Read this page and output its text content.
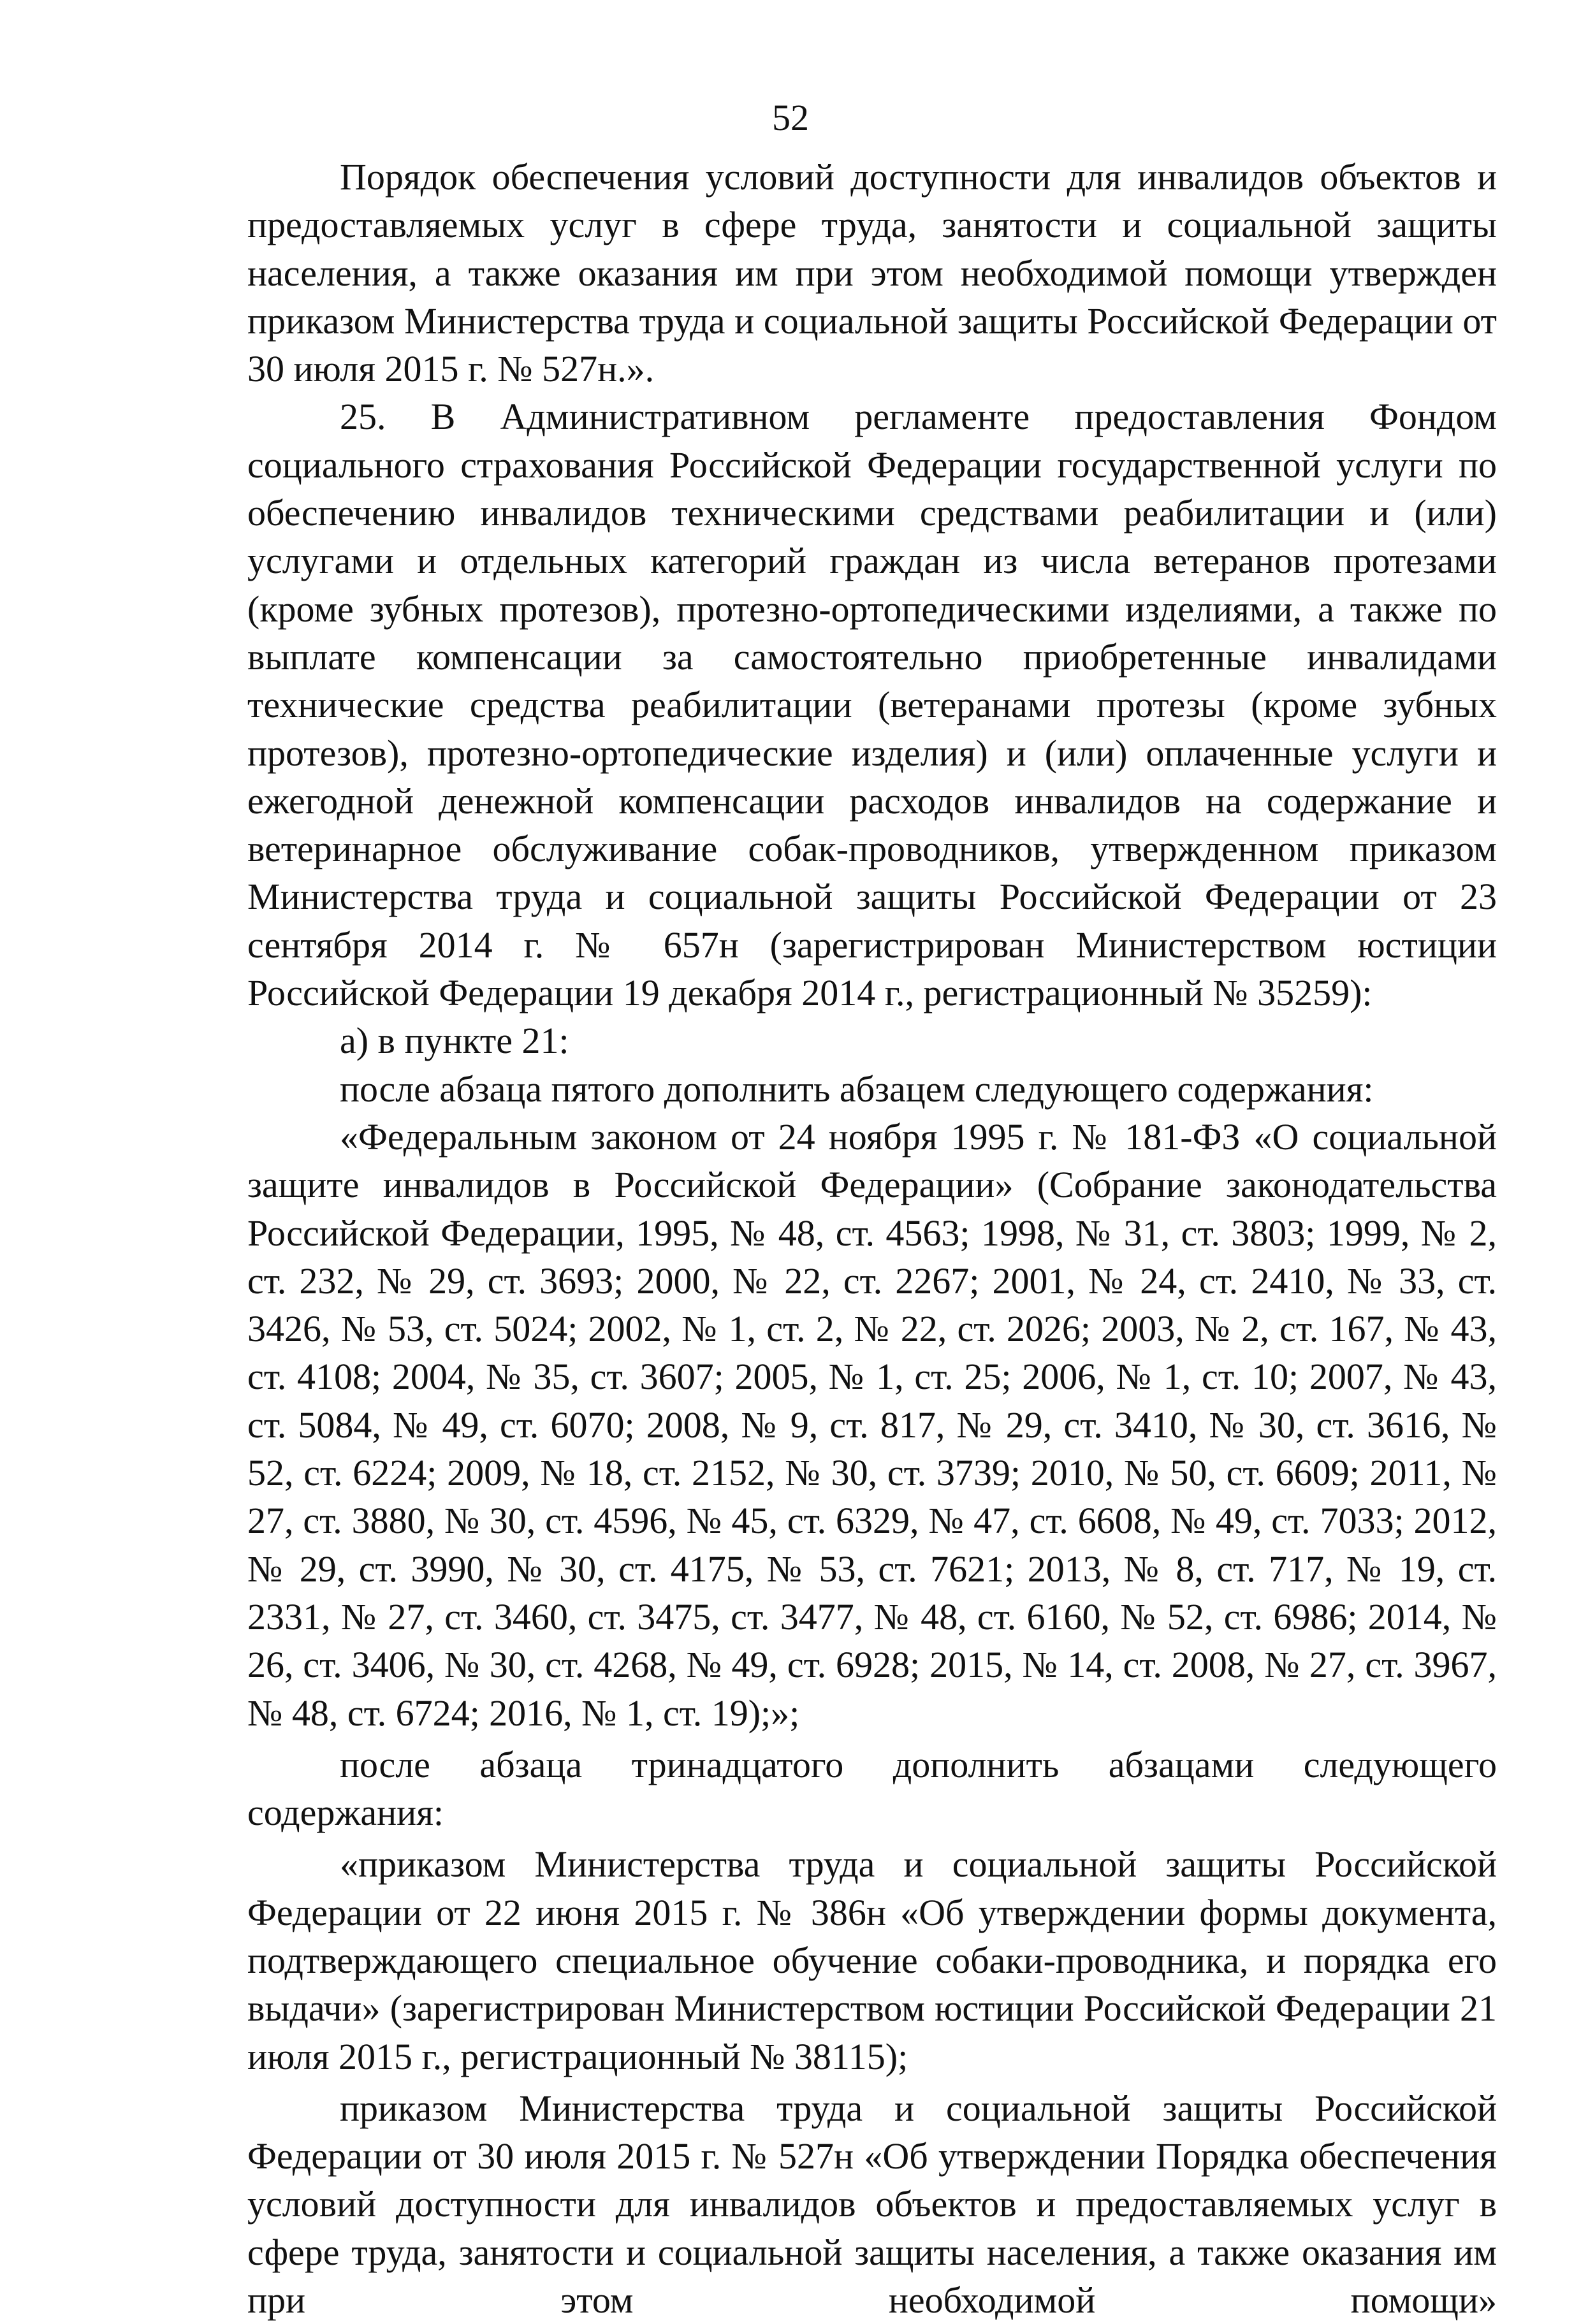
52

Порядок обеспечения условий доступности для инвалидов объектов и предоставляемых услуг в сфере труда, занятости и социальной защиты населения, а также оказания им при этом необходимой помощи утвержден приказом Министерства труда и социальной защиты Российской Федерации от 30 июля 2015 г. № 527н.».

25. В Административном регламенте предоставления Фондом социального страхования Российской Федерации государственной услуги по обеспечению инвалидов техническими средствами реабилитации и (или) услугами и отдельных категорий граждан из числа ветеранов протезами (кроме зубных протезов), протезно-ортопедическими изделиями, а также по выплате компенсации за самостоятельно приобретенные инвалидами технические средства реабилитации (ветеранами протезы (кроме зубных протезов), протезно-ортопедические изделия) и (или) оплаченные услуги и ежегодной денежной компенсации расходов инвалидов на содержание и ветеринарное обслуживание собак-проводников, утвержденном приказом Министерства труда и социальной защиты Российской Федерации от 23 сентября 2014 г. № 657н (зарегистрирован Министерством юстиции Российской Федерации 19 декабря 2014 г., регистрационный № 35259):

а) в пункте 21:

после абзаца пятого дополнить абзацем следующего содержания:

«Федеральным законом от 24 ноября 1995 г. № 181-ФЗ «О социальной защите инвалидов в Российской Федерации» (Собрание законодательства Российской Федерации, 1995, № 48, ст. 4563; 1998, № 31, ст. 3803; 1999, № 2, ст. 232, № 29, ст. 3693; 2000, № 22, ст. 2267; 2001, № 24, ст. 2410, № 33, ст. 3426, № 53, ст. 5024; 2002, № 1, ст. 2, № 22, ст. 2026; 2003, № 2, ст. 167, № 43, ст. 4108; 2004, № 35, ст. 3607; 2005, № 1, ст. 25; 2006, № 1, ст. 10; 2007, № 43, ст. 5084, № 49, ст. 6070; 2008, № 9, ст. 817, № 29, ст. 3410, № 30, ст. 3616, № 52, ст. 6224; 2009, № 18, ст. 2152, № 30, ст. 3739; 2010, № 50, ст. 6609; 2011, № 27, ст. 3880, № 30, ст. 4596, № 45, ст. 6329, № 47, ст. 6608, № 49, ст. 7033; 2012, № 29, ст. 3990, № 30, ст. 4175, № 53, ст. 7621; 2013, № 8, ст. 717, № 19, ст. 2331, № 27, ст. 3460, ст. 3475, ст. 3477, № 48, ст. 6160, № 52, ст. 6986; 2014, № 26, ст. 3406, № 30, ст. 4268, № 49, ст. 6928; 2015, № 14, ст. 2008, № 27, ст. 3967, № 48, ст. 6724; 2016, № 1, ст. 19);»;

после абзаца тринадцатого дополнить абзацами следующего содержания:

«приказом Министерства труда и социальной защиты Российской Федерации от 22 июня 2015 г. № 386н «Об утверждении формы документа, подтверждающего специальное обучение собаки-проводника, и порядка его выдачи» (зарегистрирован Министерством юстиции Российской Федерации 21 июля 2015 г., регистрационный № 38115);

приказом Министерства труда и социальной защиты Российской Федерации от 30 июля 2015 г. № 527н «Об утверждении Порядка обеспечения условий доступности для инвалидов объектов и предоставляемых услуг в сфере труда, занятости и социальной защиты населения, а также оказания им при этом необходимой помощи»
